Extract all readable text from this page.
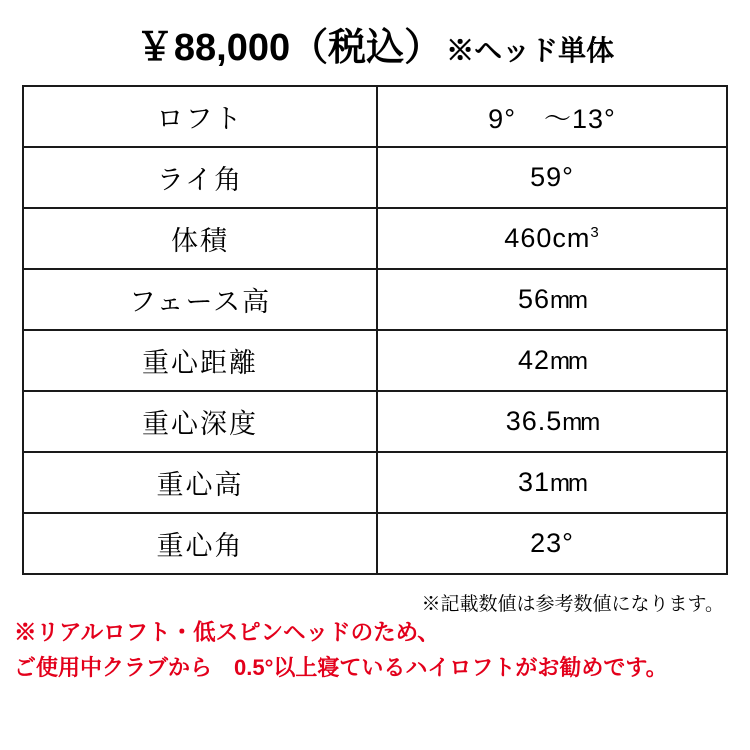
￥88,000（税込） ※ヘッド単体
ロフト	9°　～13°
ライ角	59°
体積	$460cm^3$
フェース高	56mm
重心距離	42mm
重心深度	36.5mm
重心高	31mm
重心角	23°
※記載数値は参考数値になります。
※リアルロフト・低スピンヘッドのため、
ご使用中クラブから　0.5°以上寝ているハイロフトがお勧めです。
